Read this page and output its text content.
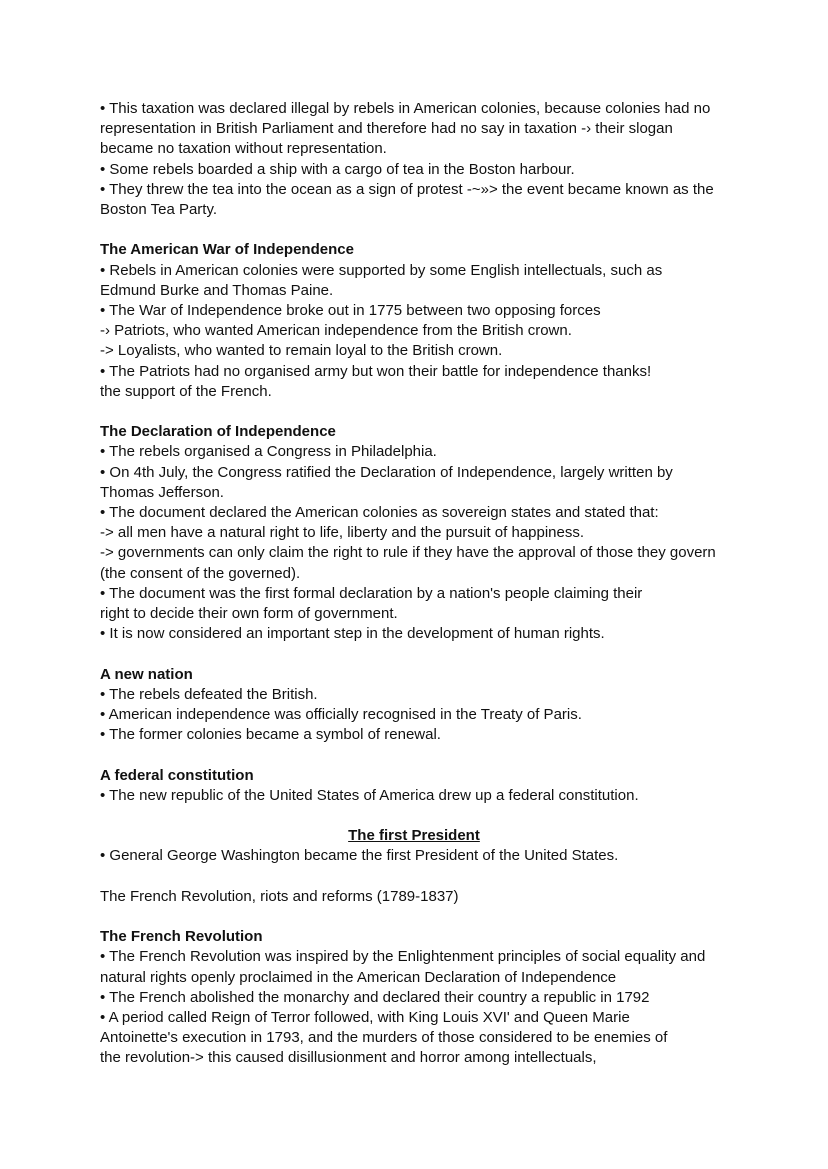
• This taxation was declared illegal by rebels in American colonies, because colonies had no
representation in British Parliament and therefore had no say in taxation -› their slogan
became no taxation without representation.
• Some rebels boarded a ship with a cargo of tea in the Boston harbour.
• They threw the tea into the ocean as a sign of protest -~»> the event became known as the
Boston Tea Party.
The American War of Independence
• Rebels in American colonies were supported by some English intellectuals, such as
Edmund Burke and Thomas Paine.
• The War of Independence broke out in 1775 between two opposing forces
-› Patriots, who wanted American independence from the British crown.
-> Loyalists, who wanted to remain loyal to the British crown.
• The Patriots had no organised army but won their battle for independence thanks!
the support of the French.
The Declaration of Independence
• The rebels organised a Congress in Philadelphia.
• On 4th July, the Congress ratified the Declaration of Independence, largely written by
Thomas Jefferson.
• The document declared the American colonies as sovereign states and stated that:
-> all men have a natural right to life, liberty and the pursuit of happiness.
-> governments can only claim the right to rule if they have the approval of those they govern
(the consent of the governed).
• The document was the first formal declaration by a nation's people claiming their
right to decide their own form of government.
• It is now considered an important step in the development of human rights.
A new nation
• The rebels defeated the British.
• American independence was officially recognised in the Treaty of Paris.
• The former colonies became a symbol of renewal.
A federal constitution
• The new republic of the United States of America drew up a federal constitution.
The first President
• General George Washington became the first President of the United States.
The French Revolution, riots and reforms (1789-1837)
The French Revolution
• The French Revolution was inspired by the Enlightenment principles of social equality and
natural rights openly proclaimed in the American Declaration of Independence
• The French abolished the monarchy and declared their country a republic in 1792
• A period called Reign of Terror followed, with King Louis XVI' and Queen Marie
Antoinette's execution in 1793, and the murders of those considered to be enemies of
the revolution-> this caused disillusionment and horror among intellectuals,
